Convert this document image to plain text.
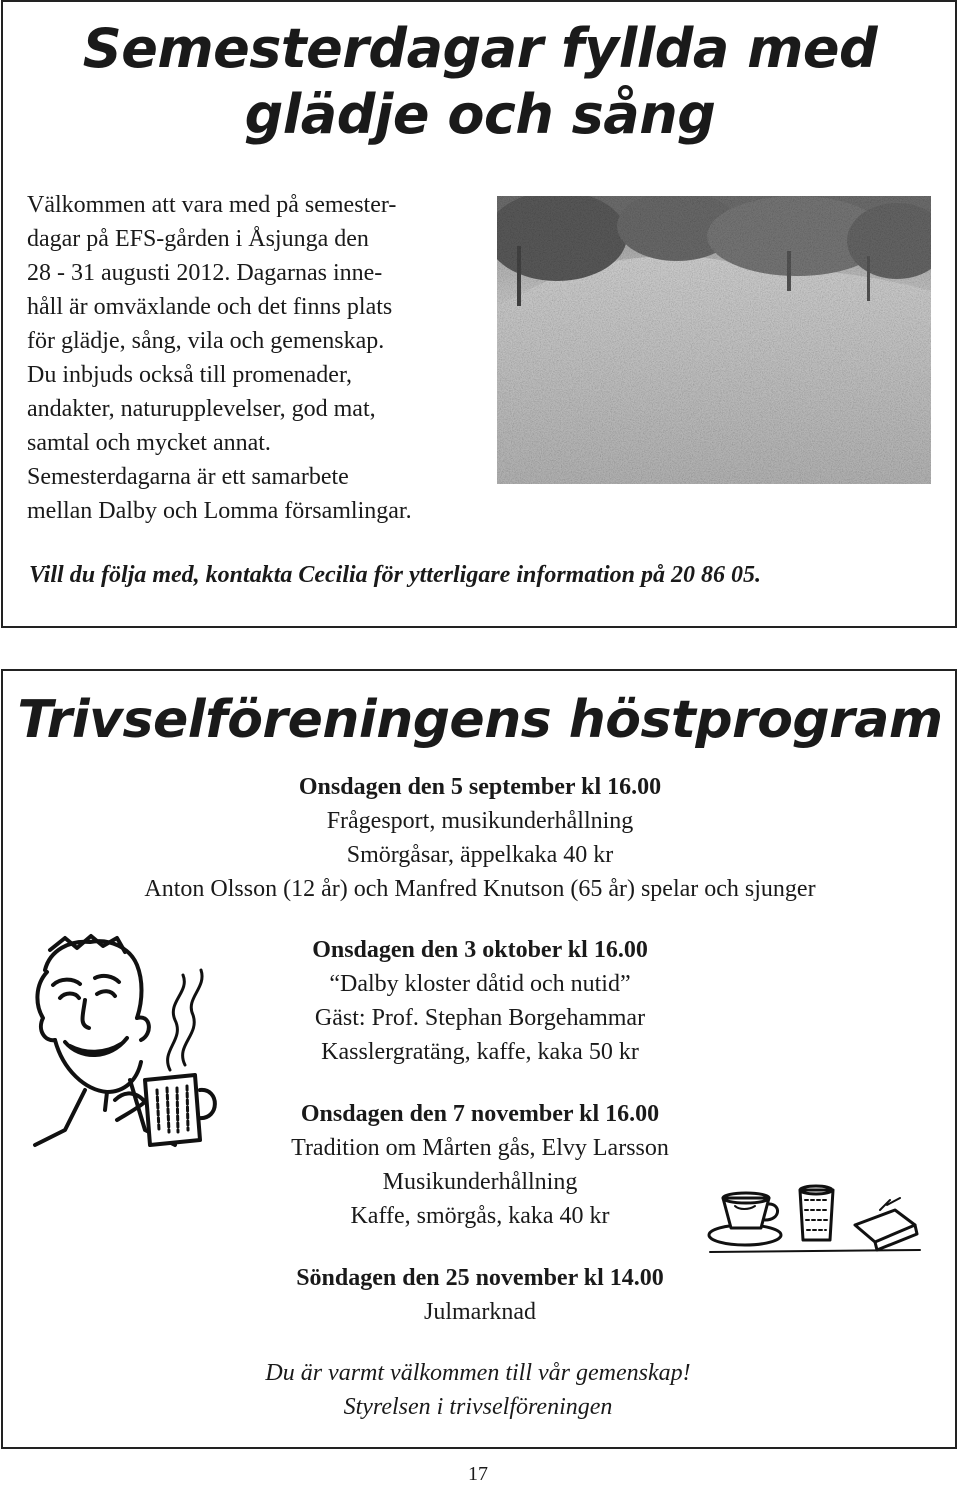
Semesterdagar fyllda med
glädje och sång

Välkommen att vara med på semester-
dagar på EFS-gården i Åsjunga den
28 - 31 augusti 2012. Dagarnas inne-
håll är omväxlande och det finns plats
för glädje, sång, vila och gemenskap.
Du inbjuds också till promenader,
andakter, naturupplevelser, god mat,
samtal och mycket annat.
Semesterdagarna är ett samarbete
mellan Dalby och Lomma församlingar.

Vill du följa med, kontakta Cecilia för ytterligare information på 20 86 05.

Trivselföreningens höstprogram
Onsdagen den 5 september kl 16.00
Frågesport, musikunderhållning
Smörgåsar, äppelkaka 40 kr
Anton Olsson (12 år) och Manfred Knutson (65 år) spelar och sjunger
Onsdagen den 3 oktober kl 16.00
“Dalby kloster dåtid och nutid”
Gäst: Prof. Stephan Borgehammar
Kasslergratäng, kaffe, kaka 50 kr
Onsdagen den 7 november kl 16.00
Tradition om Mårten gås, Elvy Larsson
Musikunderhållning
Kaffe, smörgås, kaka 40 kr
Söndagen den 25 november kl 14.00
Julmarknad
Du är varmt välkommen till vår gemenskap!
Styrelsen i trivselföreningen
17
